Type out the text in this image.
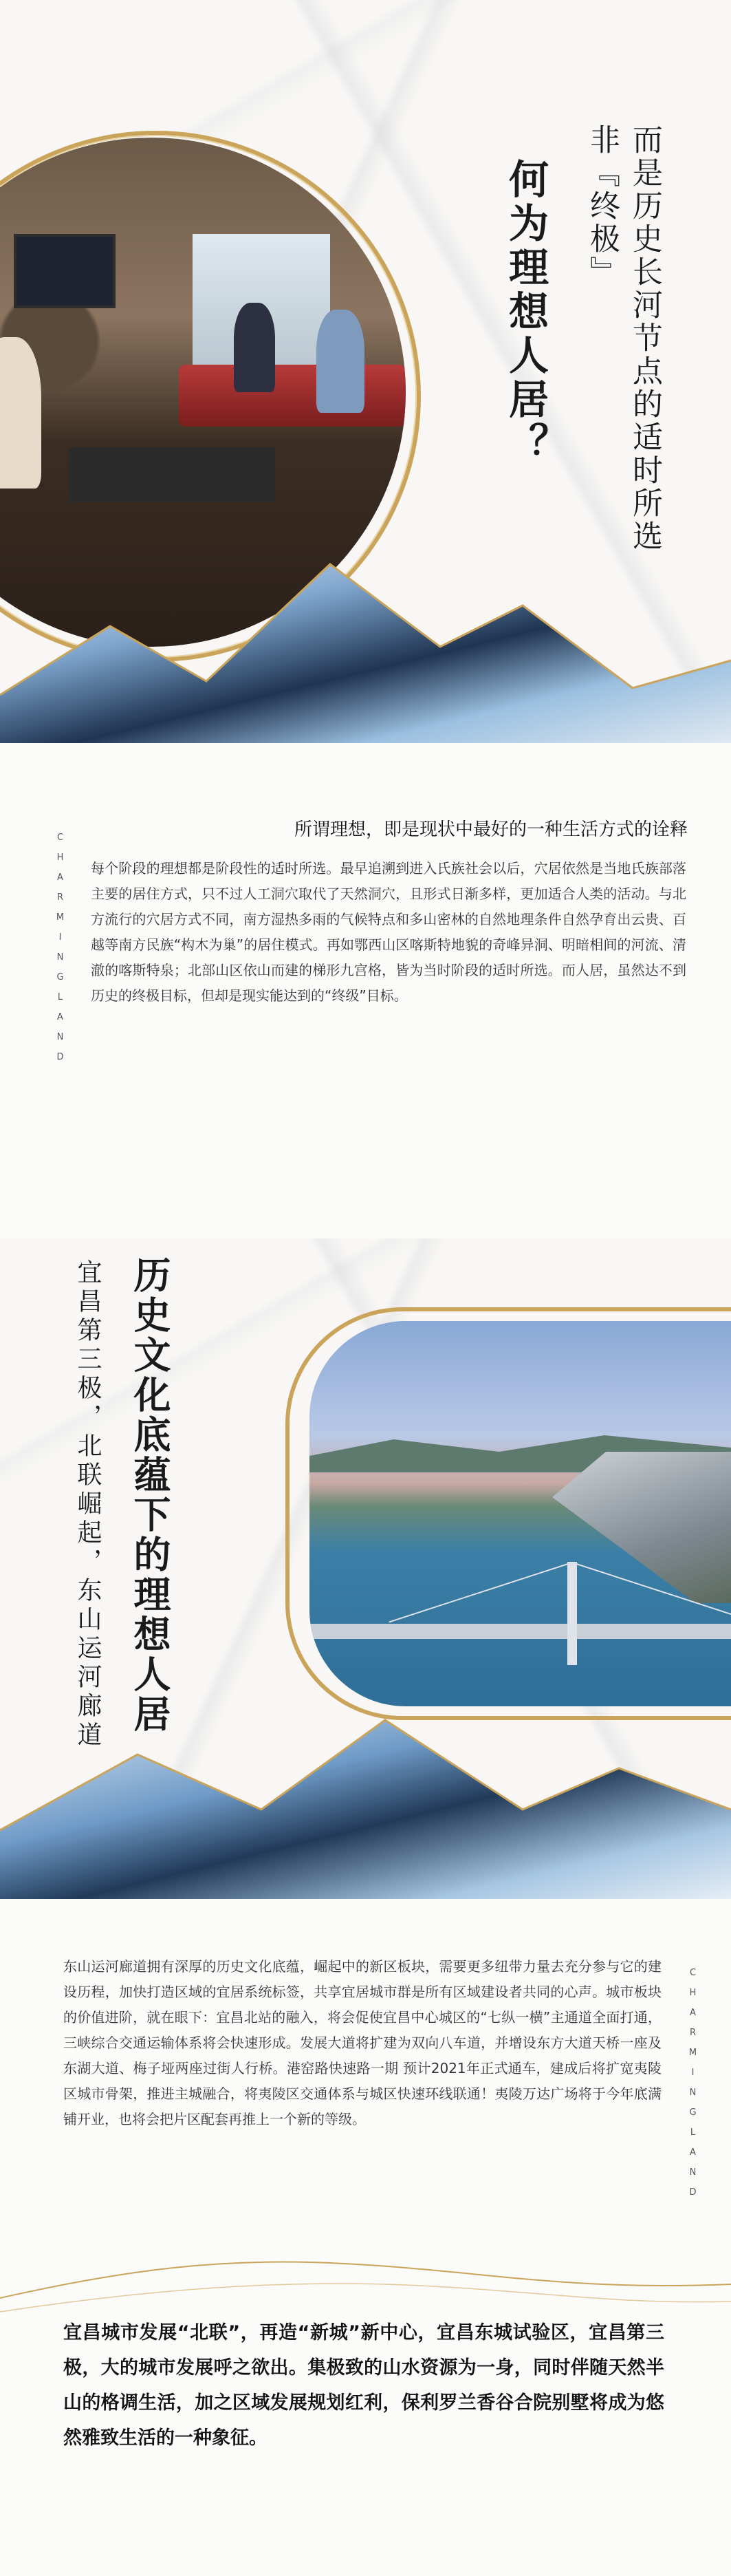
而是历史长河节点的适时所选
非『终极』
何为理想人居？
CHARMINGLAND
所谓理想，即是现状中最好的一种生活方式的诠释
每个阶段的理想都是阶段性的适时所选。最早追溯到进入氏族社会以后，穴居依然是当地氏族部落主要的居住方式，只不过人工洞穴取代了天然洞穴，且形式日渐多样，更加适合人类的活动。与北方流行的穴居方式不同，南方湿热多雨的气候特点和多山密林的自然地理条件自然孕育出云贵、百越等南方民族“构木为巢”的居住模式。再如鄂西山区喀斯特地貌的奇峰异洞、明暗相间的河流、清澈的喀斯特泉；北部山区依山而建的梯形九宫格，皆为当时阶段的适时所选。而人居，虽然达不到历史的终极目标，但却是现实能达到的“终级”目标。
历史文化底蕴下的理想人居
宜昌第三极，北联崛起，东山运河廊道
东山运河廊道拥有深厚的历史文化底蕴，崛起中的新区板块，需要更多纽带力量去充分参与它的建设历程，加快打造区域的宜居系统标签，共享宜居城市群是所有区域建设者共同的心声。城市板块的价值进阶，就在眼下：宜昌北站的融入，将会促使宜昌中心城区的“七纵一横”主通道全面打通，三峡综合交通运输体系将会快速形成。发展大道将扩建为双向八车道，并增设东方大道天桥一座及东湖大道、梅子垭两座过街人行桥。港窑路快速路一期 预计2021年正式通车，建成后将扩宽夷陵区城市骨架，推进主城融合，将夷陵区交通体系与城区快速环线联通！夷陵万达广场将于今年底满铺开业，也将会把片区配套再推上一个新的等级。	CHARMINGLAND
宜昌城市发展“北联”，再造“新城”新中心，宜昌东城试验区，宜昌第三极，大的城市发展呼之欲出。集极致的山水资源为一身，同时伴随天然半山的格调生活，加之区域发展规划红利，保利罗兰香谷合院别墅将成为悠然雅致生活的一种象征。
